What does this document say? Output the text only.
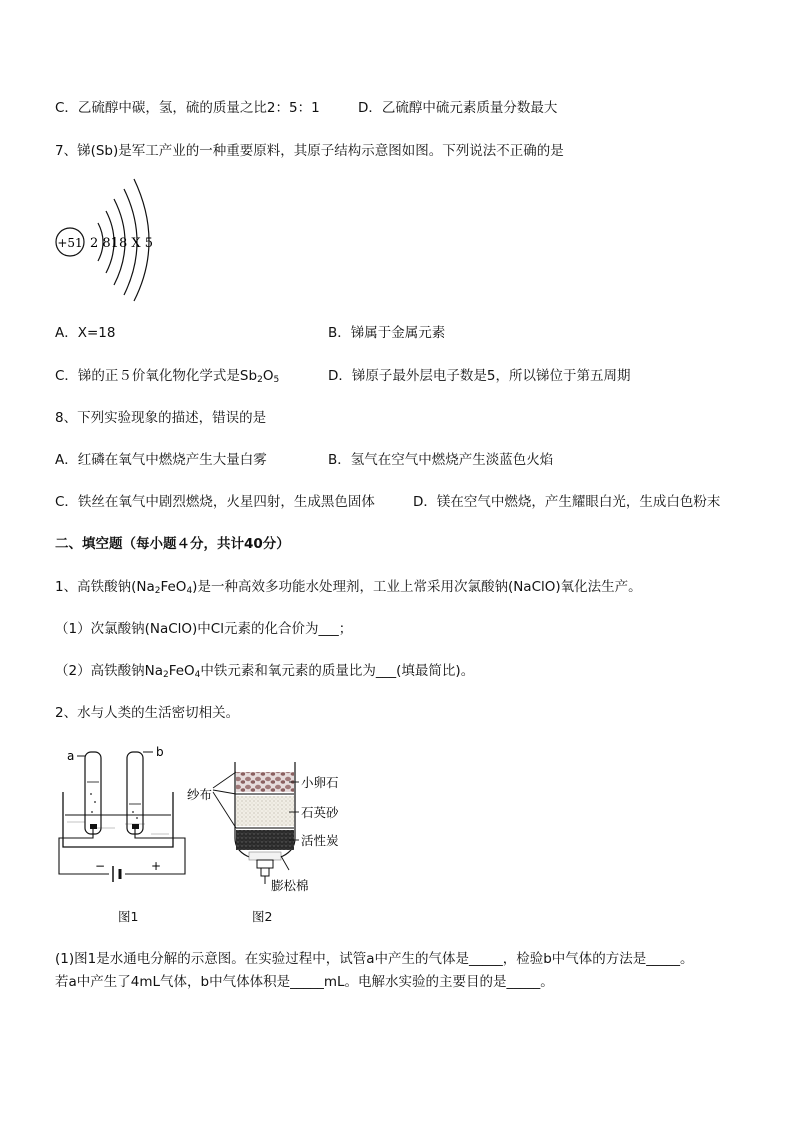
C．乙硫醇中碳，氢，硫的质量之比2：5：1	D．乙硫醇中硫元素质量分数最大
7、锑(Sb)是军工产业的一种重要原料，其原子结构示意图如图。下列说法不正确的是
+51 2 818 X 5
A．X=18	B．锑属于金属元素
C．锑的正５价氧化物化学式是$Sb_2O_5$	D．锑原子最外层电子数是5，所以锑位于第五周期
8、下列实验现象的描述，错误的是
A．红磷在氧气中燃烧产生大量白雾	B．氢气在空气中燃烧产生淡蓝色火焰
C．铁丝在氧气中剧烈燃烧，火星四射，生成黑色固体	D．镁在空气中燃烧，产生耀眼白光，生成白色粉末
二、填空题（每小题４分，共计40分）
1、高铁酸钠$(Na_2FeO_4)$是一种高效多功能水处理剂，工业上常采用次氯酸钠(NaClO)氧化法生产。
（1）次氯酸钠(NaClO)中Cl元素的化合价为___；
（2）高铁酸钠$Na_2FeO_4$中铁元素和氧元素的质量比为___(填最简比)。
2、水与人类的生活密切相关。
a	b
−	+
图1
纱布
小卵石
石英砂
活性炭
膨松棉
图2
(1)图1是水通电分解的示意图。在实验过程中，试管a中产生的气体是_____，检验b中气体的方法是_____。
若a中产生了4mL气体，b中气体体积是_____mL。电解水实验的主要目的是_____。
